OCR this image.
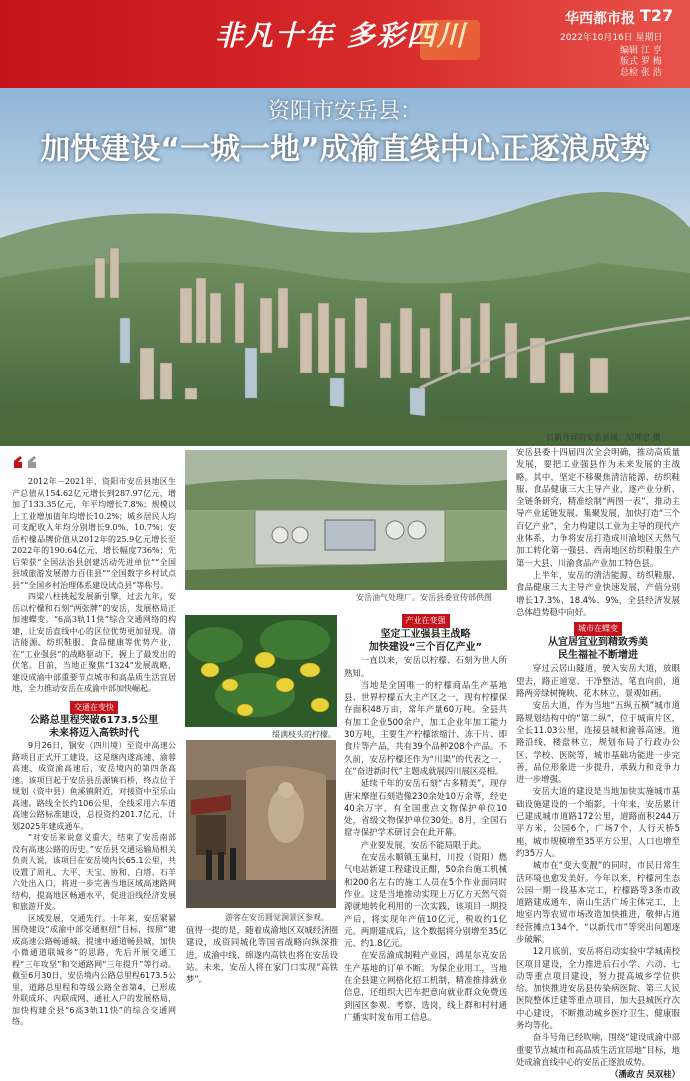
非凡十年 多彩四川	华西都市报 T27
2022年10月16日 星期日
编辑 江 亨
版式 罗 梅
总检 张 浩
资阳市安岳县：
加快建设“一城一地”成渝直线中心正逐浪成势
日新月异的安岳县城。吴坤忠 摄

2012年－2021年，资阳市安岳县地区生产总值从154.62亿元增长到287.97亿元，增加了133.35亿元，年平均增长7.8%；规模以上工业增加值年均增长10.2%；城乡居民人均可支配收入年均分别增长9.0%、10.7%；安岳柠檬品牌价值从2012年的25.9亿元增长至2022年的190.64亿元，增长幅度736%；先后荣获“全国法治县创建活动先进单位”“全国县域旅游发展潜力百佳县”“全国数字乡村试点县”“全国乡村治理体系建设试点县”等称号。

四梁八柱挑起发展新引擎，过去九年，安岳以柠檬和石刻“两张牌”的安岳，发展格局正加速蝶变。“6高3轨11快”综合交通网络的构建，让安岳直线中心的区位优势更加显现。清洁能源、纺织鞋服、食品健康等优势产业，在“工业强县”的战略驱动下，握上了最发出的伏笔。目前，当地正聚焦“1324”发展战略，建设成渝中部重要节点城市和高品质生活宜居地，全力推动安岳在成渝中部加快崛起。

交通在变快
公路总里程突破6173.5公里
未来将迈入高铁时代

9月26日，铜安（四川境）至资中高速公路项目正式开工建设，这是继内遂高速、渝蓉高速、成资渝高速后，安岳境内的第四条高速。该项目起于安岳县岳源镇石桥，终点位于规划（资中县）鱼溪镇附近，对接资中至乐山高速。路线全长约106公里，全线采用六车道高速公路标准建设，总投资约201.7亿元，计划2025年建成通车。

“对安岳来说意义重大，结束了安岳南部没有高速公路的历史。”安岳县交通运输局相关负责人说，该项目在安岳境内长65.1公里，共设置了周礼、大平、天宝、协和、白塔、石羊六处出入口，将进一步完善当地区域高速路网结构，提高地区畅通水平，促进沿线经济发展和旅游开发。

区域发展，交通先行。十年来，安岳紧紧围绕建设“成渝中部交通枢纽”目标，按照“建成高速公路畅通城，提速中通道畅县城，加快小微通道联城乡”的思路，先后开展交通工程“三年攻坚”和交通路网“三年提升”等行动。截至6月30日，安岳境内公路总里程6173.5公里，道路总里程和等级公路全省第4，已形成外联成环、内联成网、通社入户的发展格局，加快构建全县“6高3轨11快”的综合交通网络。

安岳油气处理厂。安岳县委宣传部供图
缀满枝头的柠檬。
游客在安岳圆觉洞景区参观。

值得一提的是，随着成渝地区双城经济圈建设，成资同城化等国省战略向纵深推进，成渝中线、绵遂内高铁也将在安岳设站。未来，安岳人将在家门口实现“高铁梦”。

产业在变强
坚定工业强县主战略
加快建设“三个百亿产业”

一直以来，安岳以柠檬、石刻为世人所熟知。

当地是全国唯一的柠檬商品生产基地县、世界柠檬五大主产区之一，现有柠檬保存面积48万亩，常年产量60万吨。全县共有加工企业500余户，加工企业年加工能力30万吨，主要生产柠檬浓缩汁、冻干片、即食片等产品，共有39个品种208个产品。不久前，安岳柠檬还作为“川渠”的代表之一，在“奋进新时代”主题成就展四川展区亮相。

延续千年的安岳石刻“古多精美”，现存唐宋摩崖石刻造像230余处10万余尊，经史40余万字，有全国重点文物保护单位10处，省级文物保护单位30处。8月，全国石窟寺保护学术研讨会在此开幕。

产业要发展，安岳不能局限于此。

在安岳永顺镇玉巢村，川投（资阳）燃气电站新建工程建设正酣，50余台施工机械和200名左右的施工人员在5个作业面同时作业。这是当地推动实现上万亿方天然气资源就地转化利用的一次实践，该项目一期投产后，将实现年产值10亿元，税收约1亿元。两期建成后，这个数据将分别增至35亿元、约1.8亿元。

在安岳渝成制鞋产业园，鸿星尔克安岳生产基地的订单不断。为保企业用工，当地在全县建立网格化招工机制，精准推排就业信息，还组织大巴车把意向就业群众免费送到园区参观、考察、选岗，线上群和村村通广播实时发布用工信息。

安岳县委十四届四次全会明确，推动高质量发展，要把工业强县作为未来发展的主战略。其中，坚定不移聚焦清洁能源、纺织鞋服、食品健康三大主导产业，逐产业分析、全链条研究，精准绘制“两图一表”，推动主导产业延链发展、集聚发展，加快打造“三个百亿产业”，全力构建以工业为主导的现代产业体系，力争将安岳打造成川渝地区天然气加工转化第一强县、西南地区纺织鞋服生产第一大县、川渝食品产业加工特色县。

上半年，安岳的清洁能源、纺织鞋服、食品健康三大主导产业快速发展，产值分别增长17.3%、18.4%、9%，全县经济发展总体趋势稳中向好。

城市在蝶变
从宜居宜业到精致秀美
民生福祉不断增进

穿过云居山隧道，驶入安岳大道，放眼望去，路正道宽、干净整洁，笔直向前，道路两旁绿树掩映、花木林立，景观如画。

安岳大道，作为当地“五纵五横”城市道路规划结构中的“第二纵”，位于城南片区，全长11.03公里，连接县城和渝蓉高速。道路沿线，楼盘林立，规划布局了行政办公区、学校、医院等，城市基础功能进一步完善，品位形象进一步提升，承载力和竞争力进一步增强。

安岳大道的建设是当地加快实施城市基础设施建设的一个缩影。十年来，安岳累计已建成城市道路172公里，道路面积244万平方米，公园6个，广场7个，人行天桥5座，城市规模增至35平方公里，人口也增至约35万人。

城市在“变大变靓”的同时，市民日常生活环境也愈发美好。今年以来，柠檬河生态公园一期一段基本完工，柠檬路等3条市政道路建成通车，南山生活广场主体完工，上地室内等农贸市场改造加快推进，敬伸占道经营摊点134个，“以新代市”等突出问题逐步破解。

12月底前，安岳将启动实验中学城南校区项目建设，全力推进后石小学、六动、七动等重点项目建设，努力提高城乡学位供给。加快推进安岳县传染病医院、第三人民医院整体迁建等重点项目，加大县城医疗次中心建设，不断推动城乡医疗卫生、健康服务均等化。

奋斗号角已经吹响，围绕“建设成渝中部重要节点城市和高品质生活宜居地”目标，地处成渝直线中心的安岳正逐浪成势。

（潘政吉 吴双桂）
